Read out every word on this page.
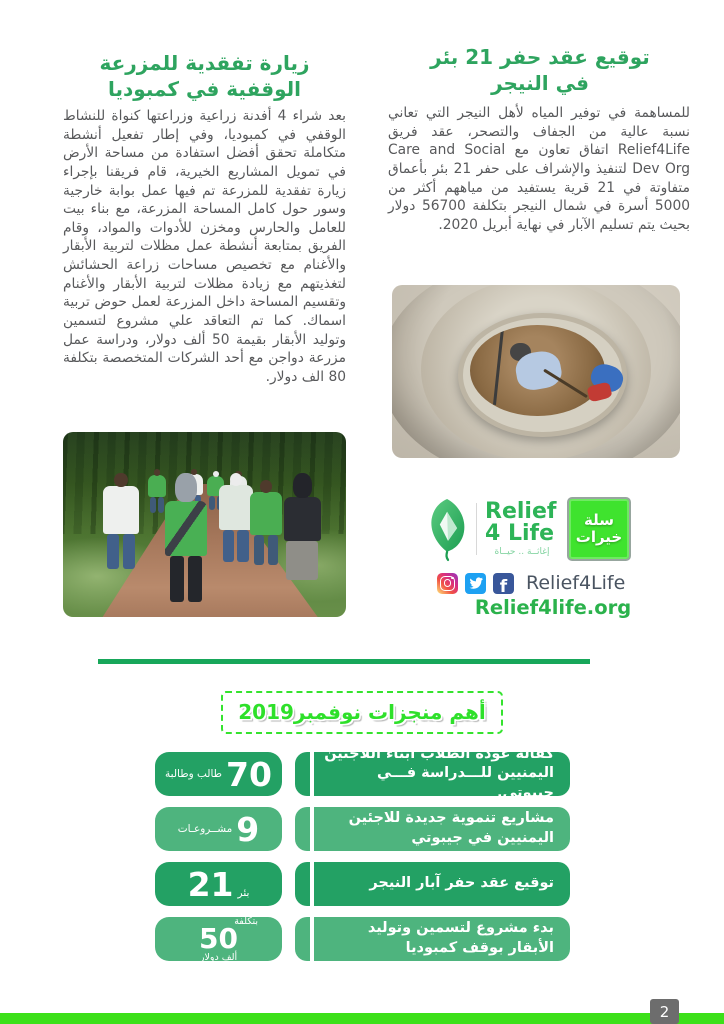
توقيع عقد حفر 21 بئر
في النيجر
للمساهمة في توفير المياه لأهل النيجر التي تعاني نسبة عالية من الجفاف والتصحر، عقد فريق Relief4Life اتفاق تعاون مع Care and Social Dev Org لتنفيذ والإشراف على حفر 21 بئر بأعماق متفاوتة في 21 قرية يستفيد من مياههم أكثر من 5000 أسرة في شمال النيجر بتكلفة 56700 دولار بحيث يتم تسليم الآبار في نهاية أبريل 2020.
زيارة تفقدية للمزرعة
الوقفية في كمبوديا
بعد شراء 4 أفدنة زراعية وزراعتها كنواة للنشاط الوقفي في كمبوديا، وفي إطار تفعيل أنشطة متكاملة تحقق أفضل استفادة من مساحة الأرض في تمويل المشاريع الخيرية، قام فريقنا بإجراء زيارة تفقدية للمزرعة تم فيها عمل بوابة خارجية وسور حول كامل المساحة المزرعة، مع بناء بيت للعامل والحارس ومخزن للأدوات والمواد، وقام الفريق بمتابعة أنشطة عمل مظلات لتربية الأبقار والأغنام مع تخصيص مساحات زراعة الحشائش لتغذيتهم مع زيادة مظلات لتربية الأبقار والأغنام وتقسيم المساحة داخل المزرعة لعمل حوض تربية اسماك. كما تم التعاقد علي مشروع لتسمين وتوليد الأبقار بقيمة 50 ألف دولار، ودراسة عمل مزرعة دواجن مع أحد الشركات المتخصصة بتكلفة 80 الف دولار.
Relief
4 Life
إغاثــة .. حيــاة
سلة
خيرات
f Relief4Life
Relief4life.org
أهم منجزات نوفمبر2019
70
طالب وطالبة
كفالة عودة الطلاب أبناء اللاجئين اليمنيين للـــدراسة فـــي جيبوتي.
9
مشــروعـات
مشاريع تنموية جديدة للاجئين اليمنيين في جيبوتي
بئر
21	توقيع عقد حفر آبار النيجر
بتكلفة
50
ألف دولار
بدء مشروع لتسمين وتوليد الأبقار بوقف كمبوديا
2
